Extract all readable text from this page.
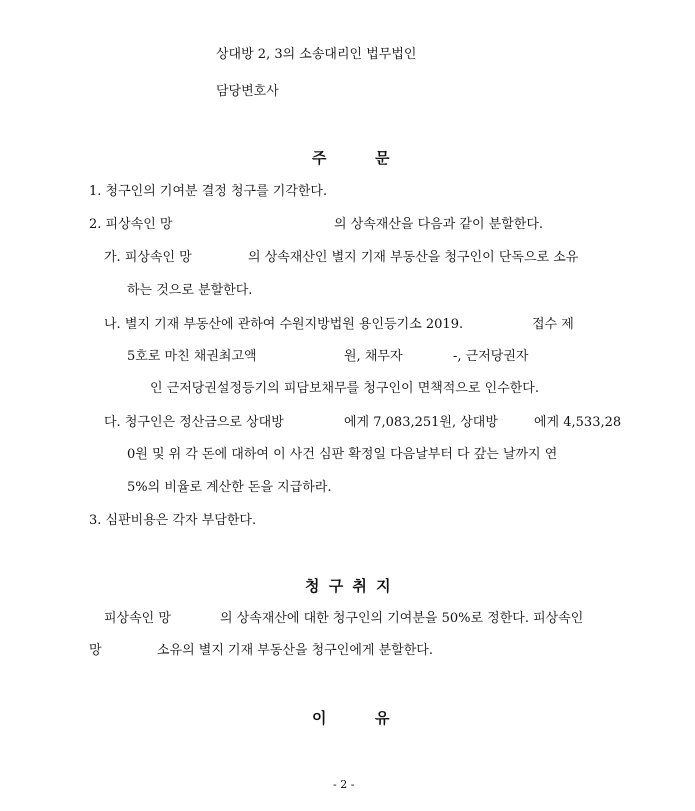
상대방 2, 3의 소송대리인 법무법인
담당변호사
주	문
1. 청구인의 기여분 결정 청구를 기각한다.
2. 피상속인 망	의 상속재산을 다음과 같이 분할한다.
가. 피상속인 망	의 상속재산인 별지 기재 부동산을 청구인이 단독으로 소유
하는 것으로 분할한다.
나. 별지 기재 부동산에 관하여 수원지방법원 용인등기소 2019.	접수 제
5호로 마친 채권최고액	원, 채무자	-, 근저당권자
인 근저당권설정등기의 피담보채무를 청구인이 면책적으로 인수한다.
다. 청구인은 정산금으로 상대방	에게 7,083,251원, 상대방	에게 4,533,28
0원 및 위 각 돈에 대하여 이 사건 심판 확정일 다음날부터 다 갚는 날까지 연
5%의 비율로 계산한 돈을 지급하라.
3. 심판비용은 각자 부담한다.
청 구 취 지
피상속인 망	의 상속재산에 대한 청구인의 기여분을 50%로 정한다. 피상속인
망	소유의 별지 기재 부동산을 청구인에게 분할한다.
이	유
- 2 -
